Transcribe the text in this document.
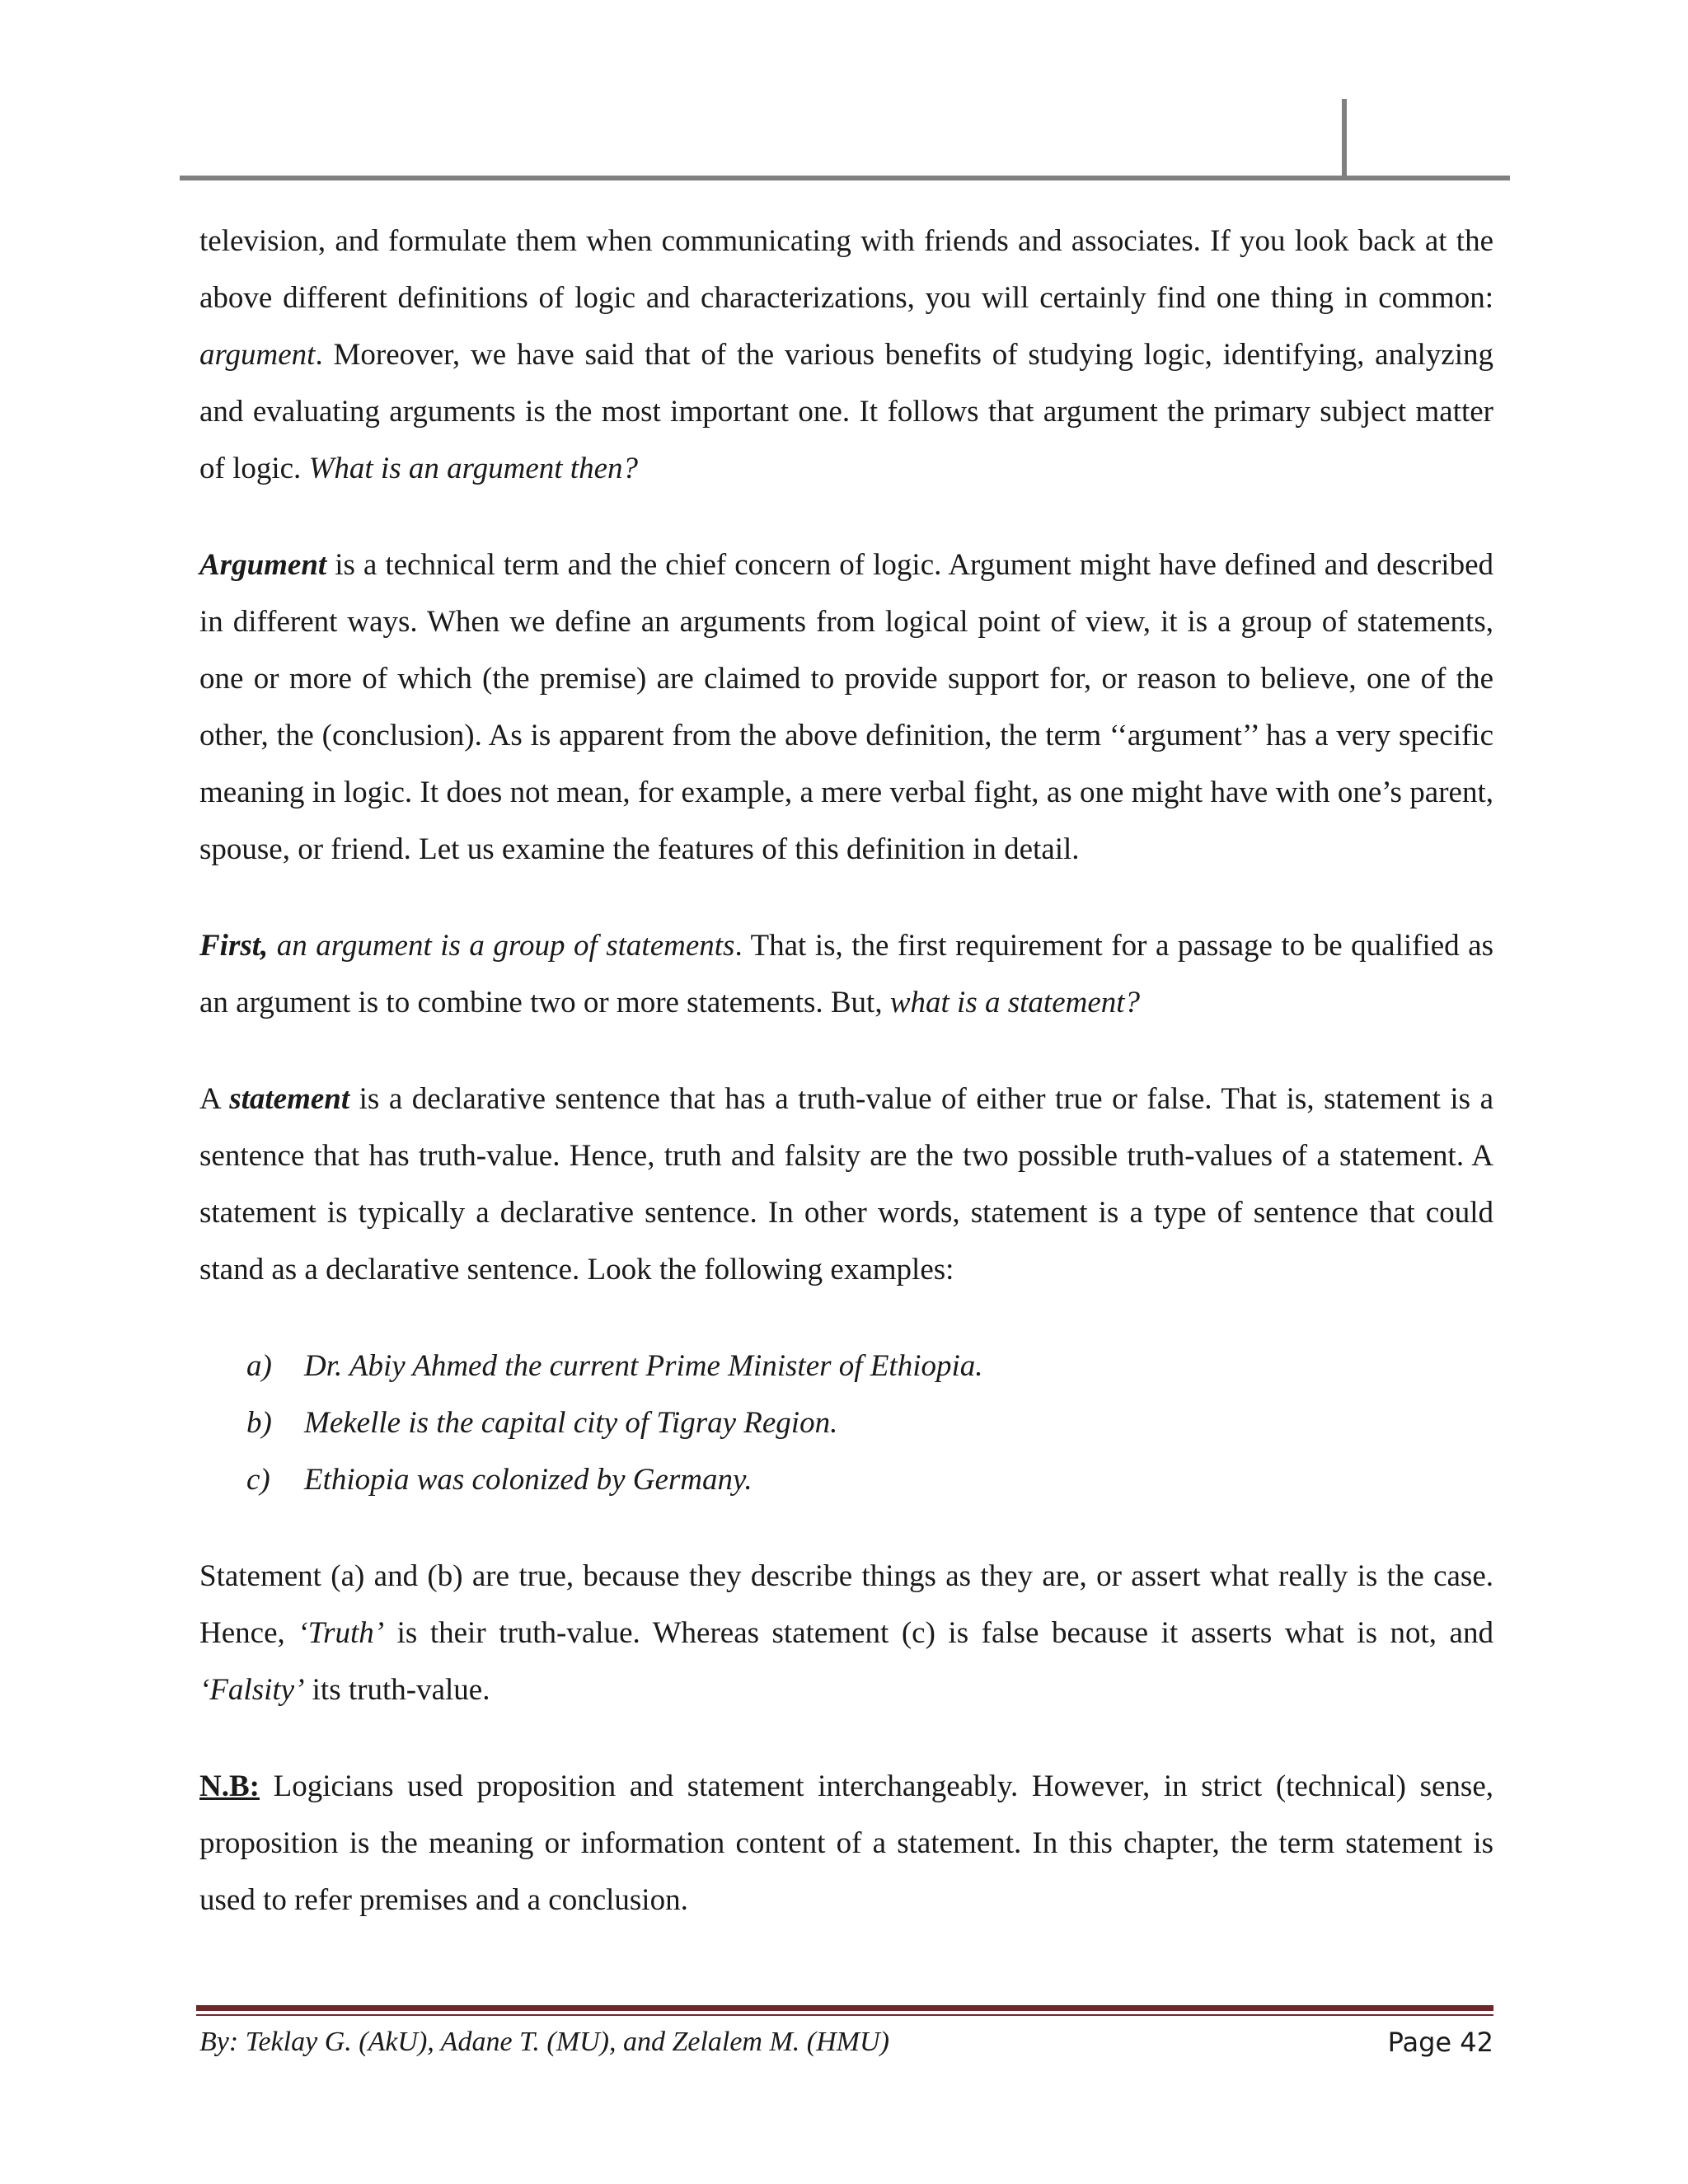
television, and formulate them when communicating with friends and associates. If you look back at the above different definitions of logic and characterizations, you will certainly find one thing in common: argument. Moreover, we have said that of the various benefits of studying logic, identifying, analyzing and evaluating arguments is the most important one. It follows that argument the primary subject matter of logic. What is an argument then?

Argument is a technical term and the chief concern of logic. Argument might have defined and described in different ways. When we define an arguments from logical point of view, it is a group of statements, one or more of which (the premise) are claimed to provide support for, or reason to believe, one of the other, the (conclusion). As is apparent from the above definition, the term ‘‘argument’’ has a very specific meaning in logic. It does not mean, for example, a mere verbal fight, as one might have with one’s parent, spouse, or friend. Let us examine the features of this definition in detail.

First, an argument is a group of statements. That is, the first requirement for a passage to be qualified as an argument is to combine two or more statements. But, what is a statement?

A statement is a declarative sentence that has a truth-value of either true or false. That is, statement is a sentence that has truth-value. Hence, truth and falsity are the two possible truth-values of a statement. A statement is typically a declarative sentence. In other words, statement is a type of sentence that could stand as a declarative sentence. Look the following examples:

a)	Dr. Abiy Ahmed the current Prime Minister of Ethiopia.
b)	Mekelle is the capital city of Tigray Region.
c)	Ethiopia was colonized by Germany.

Statement (a) and (b) are true, because they describe things as they are, or assert what really is the case. Hence, ‘Truth’ is their truth-value. Whereas statement (c) is false because it asserts what is not, and ‘Falsity’ its truth-value.

N.B: Logicians used proposition and statement interchangeably. However, in strict (technical) sense, proposition is the meaning or information content of a statement. In this chapter, the term statement is used to refer premises and a conclusion.

By: Teklay G. (AkU), Adane T. (MU), and Zelalem M. (HMU)	Page 42
